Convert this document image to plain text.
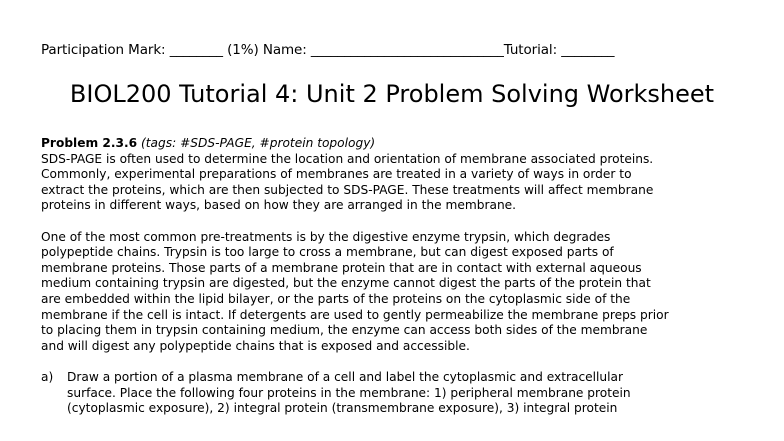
Participation Mark: ________ (1%) Name: _____________________________Tutorial: ________
BIOL200 Tutorial 4: Unit 2 Problem Solving Worksheet
Problem 2.3.6 (tags: #SDS-PAGE, #protein topology)
SDS-PAGE is often used to determine the location and orientation of membrane associated proteins.
Commonly, experimental preparations of membranes are treated in a variety of ways in order to
extract the proteins, which are then subjected to SDS-PAGE. These treatments will affect membrane
proteins in different ways, based on how they are arranged in the membrane.
One of the most common pre-treatments is by the digestive enzyme trypsin, which degrades
polypeptide chains. Trypsin is too large to cross a membrane, but can digest exposed parts of
membrane proteins. Those parts of a membrane protein that are in contact with external aqueous
medium containing trypsin are digested, but the enzyme cannot digest the parts of the protein that
are embedded within the lipid bilayer, or the parts of the proteins on the cytoplasmic side of the
membrane if the cell is intact. If detergents are used to gently permeabilize the membrane preps prior
to placing them in trypsin containing medium, the enzyme can access both sides of the membrane
and will digest any polypeptide chains that is exposed and accessible.
a) Draw a portion of a plasma membrane of a cell and label the cytoplasmic and extracellular
surface. Place the following four proteins in the membrane: 1) peripheral membrane protein
(cytoplasmic exposure), 2) integral protein (transmembrane exposure), 3) integral protein
